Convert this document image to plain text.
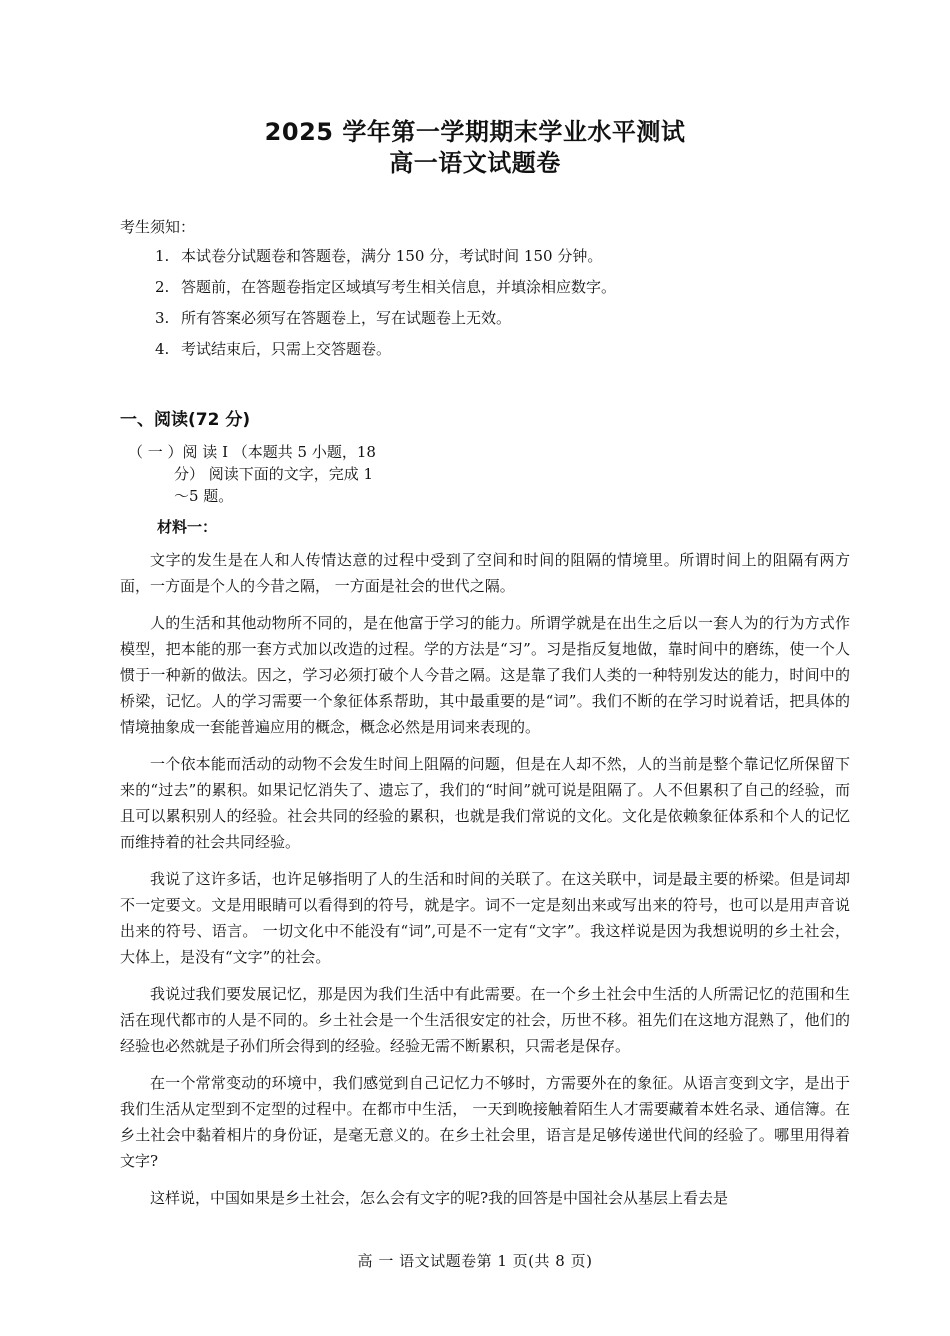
2025 学年第一学期期末学业水平测试
高一语文试题卷
考生须知：
1. 本试卷分试题卷和答题卷，满分 150 分，考试时间 150 分钟。
2. 答题前，在答题卷指定区域填写考生相关信息，并填涂相应数字。
3. 所有答案必须写在答题卷上，写在试题卷上无效。
4. 考试结束后，只需上交答题卷。
一、阅读(72 分)
（ 一 ）阅 读 I （本题共 5 小题，18
分） 阅读下面的文字，完成 1
～5 题。
材料一：

文字的发生是在人和人传情达意的过程中受到了空间和时间的阻隔的情境里。所谓时间上的阻隔有两方面，一方面是个人的今昔之隔， 一方面是社会的世代之隔。

人的生活和其他动物所不同的，是在他富于学习的能力。所谓学就是在出生之后以一套人为的行为方式作模型，把本能的那一套方式加以改造的过程。学的方法是“习”。习是指反复地做，靠时间中的磨练，使一个人惯于一种新的做法。因之，学习必须打破个人今昔之隔。这是靠了我们人类的一种特别发达的能力，时间中的桥梁，记忆。人的学习需要一个象征体系帮助，其中最重要的是“词”。我们不断的在学习时说着话，把具体的情境抽象成一套能普遍应用的概念，概念必然是用词来表现的。

一个依本能而活动的动物不会发生时间上阻隔的问题，但是在人却不然，人的当前是整个靠记忆所保留下来的“过去”的累积。如果记忆消失了、遗忘了，我们的“时间”就可说是阻隔了。人不但累积了自己的经验，而且可以累积别人的经验。社会共同的经验的累积，也就是我们常说的文化。文化是依赖象征体系和个人的记忆而维持着的社会共同经验。

我说了这许多话，也许足够指明了人的生活和时间的关联了。在这关联中，词是最主要的桥梁。但是词却不一定要文。文是用眼睛可以看得到的符号，就是字。词不一定是刻出来或写出来的符号，也可以是用声音说出来的符号、语言。 一切文化中不能没有“词”,可是不一定有“文字”。我这样说是因为我想说明的乡土社会，大体上，是没有“文字”的社会。

我说过我们要发展记忆，那是因为我们生活中有此需要。在一个乡土社会中生活的人所需记忆的范围和生活在现代都市的人是不同的。乡土社会是一个生活很安定的社会，历世不移。祖先们在这地方混熟了，他们的经验也必然就是子孙们所会得到的经验。经验无需不断累积，只需老是保存。

在一个常常变动的环境中，我们感觉到自己记忆力不够时，方需要外在的象征。从语言变到文字，是出于我们生活从定型到不定型的过程中。在都市中生活， 一天到晚接触着陌生人才需要藏着本姓名录、通信簿。在乡土社会中黏着相片的身份证，是毫无意义的。在乡土社会里，语言是足够传递世代间的经验了。哪里用得着文字?

这样说，中国如果是乡土社会，怎么会有文字的呢?我的回答是中国社会从基层上看去是

高 一 语文试题卷第 1 页(共 8 页)
